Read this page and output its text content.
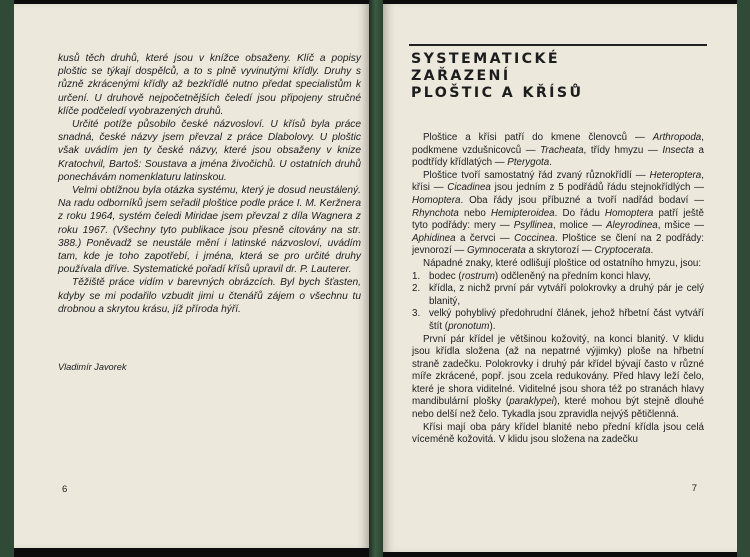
kusů těch druhů, které jsou v knížce obsaženy. Klíč a popisy ploštic se týkají dospělců, a to s plně vyvinutými křídly. Druhy s různě zkrácenými křídly až bezkřídlé nutno předat specialistům k určení. U druhově nejpočetnějších čeledí jsou připojeny stručné klíče podčeledí vyobrazených druhů.

Určité potíže působilo české názvosloví. U křísů byla práce snadná, české názvy jsem převzal z práce Dlabolovy. U ploštic však uvádím jen ty české názvy, které jsou obsaženy v knize Kratochvil, Bartoš: Soustava a jména živočichů. U ostatních druhů ponechávám nomenklaturu latinskou.

Velmi obtížnou byla otázka systému, který je dosud neustálený. Na radu odborníků jsem seřadil ploštice podle práce I. M. Keržnera z roku 1964, systém čeledi Miridae jsem převzal z díla Wagnera z roku 1967. (Všechny tyto publikace jsou přesně citovány na str. 388.) Poněvadž se neustále mění i latinské názvosloví, uvádím tam, kde je toho zapotřebí, i jména, která se pro určité druhy používala dříve. Systematické pořadí křísů upravil dr. P. Lauterer.

Těžiště práce vidím v barevných obrázcích. Byl bych šťasten, kdyby se mi podařilo vzbudit jimi u čtenářů zájem o všechnu tu drobnou a skrytou krásu, jíž příroda hýří.

Vladimír Javorek
6
SYSTEMATICKÉ
ZAŘAZENÍ
PLOŠTIC A KŘÍSŮ

Ploštice a křísi patří do kmene členovců — Arthropoda, podkmene vzdušnicovců — Tracheata, třídy hmyzu — Insecta a podtřídy křídlatých — Pterygota.

Ploštice tvoří samostatný řád zvaný různokřídlí — Heteroptera, křísi — Cicadinea jsou jedním z 5 podřádů řádu stejnokřídlých — Homoptera. Oba řády jsou příbuzné a tvoří nadřád bodaví — Rhynchota nebo Hemipteroidea. Do řádu Homoptera patří ještě tyto podřády: mery — Psyllinea, molice — Aleyrodinea, mšice — Aphidinea a červci — Coccinea. Ploštice se člení na 2 podřády: jevnorozí — Gymnocerata a skrytorozí — Cryptocerata.

Nápadné znaky, které odlišují ploštice od ostatního hmyzu, jsou:

1. bodec (rostrum) odčleněný na předním konci hlavy,
2. křídla, z nichž první pár vytváří polokrovky a druhý pár je celý blanitý,
3. velký pohyblivý předohrudní článek, jehož hřbetní část vytváří štít (pronotum).

První pár křídel je většinou kožovitý, na konci blanitý. V klidu jsou křídla složena (až na nepatrné výjimky) ploše na hřbetní straně zadečku. Polokrovky i druhý pár křídel bývají často v různé míře zkrácené, popř. jsou zcela redukovány. Před hlavy leží čelo, které je shora viditelné. Viditelné jsou shora též po stranách hlavy mandibulární plošky (paraklypei), které mohou být stejně dlouhé nebo delší než čelo. Tykadla jsou zpravidla nejvýš pětičlenná.

Křísi mají oba páry křídel blanité nebo přední křídla jsou celá víceméně kožovitá. V klidu jsou složena na zadečku

7
